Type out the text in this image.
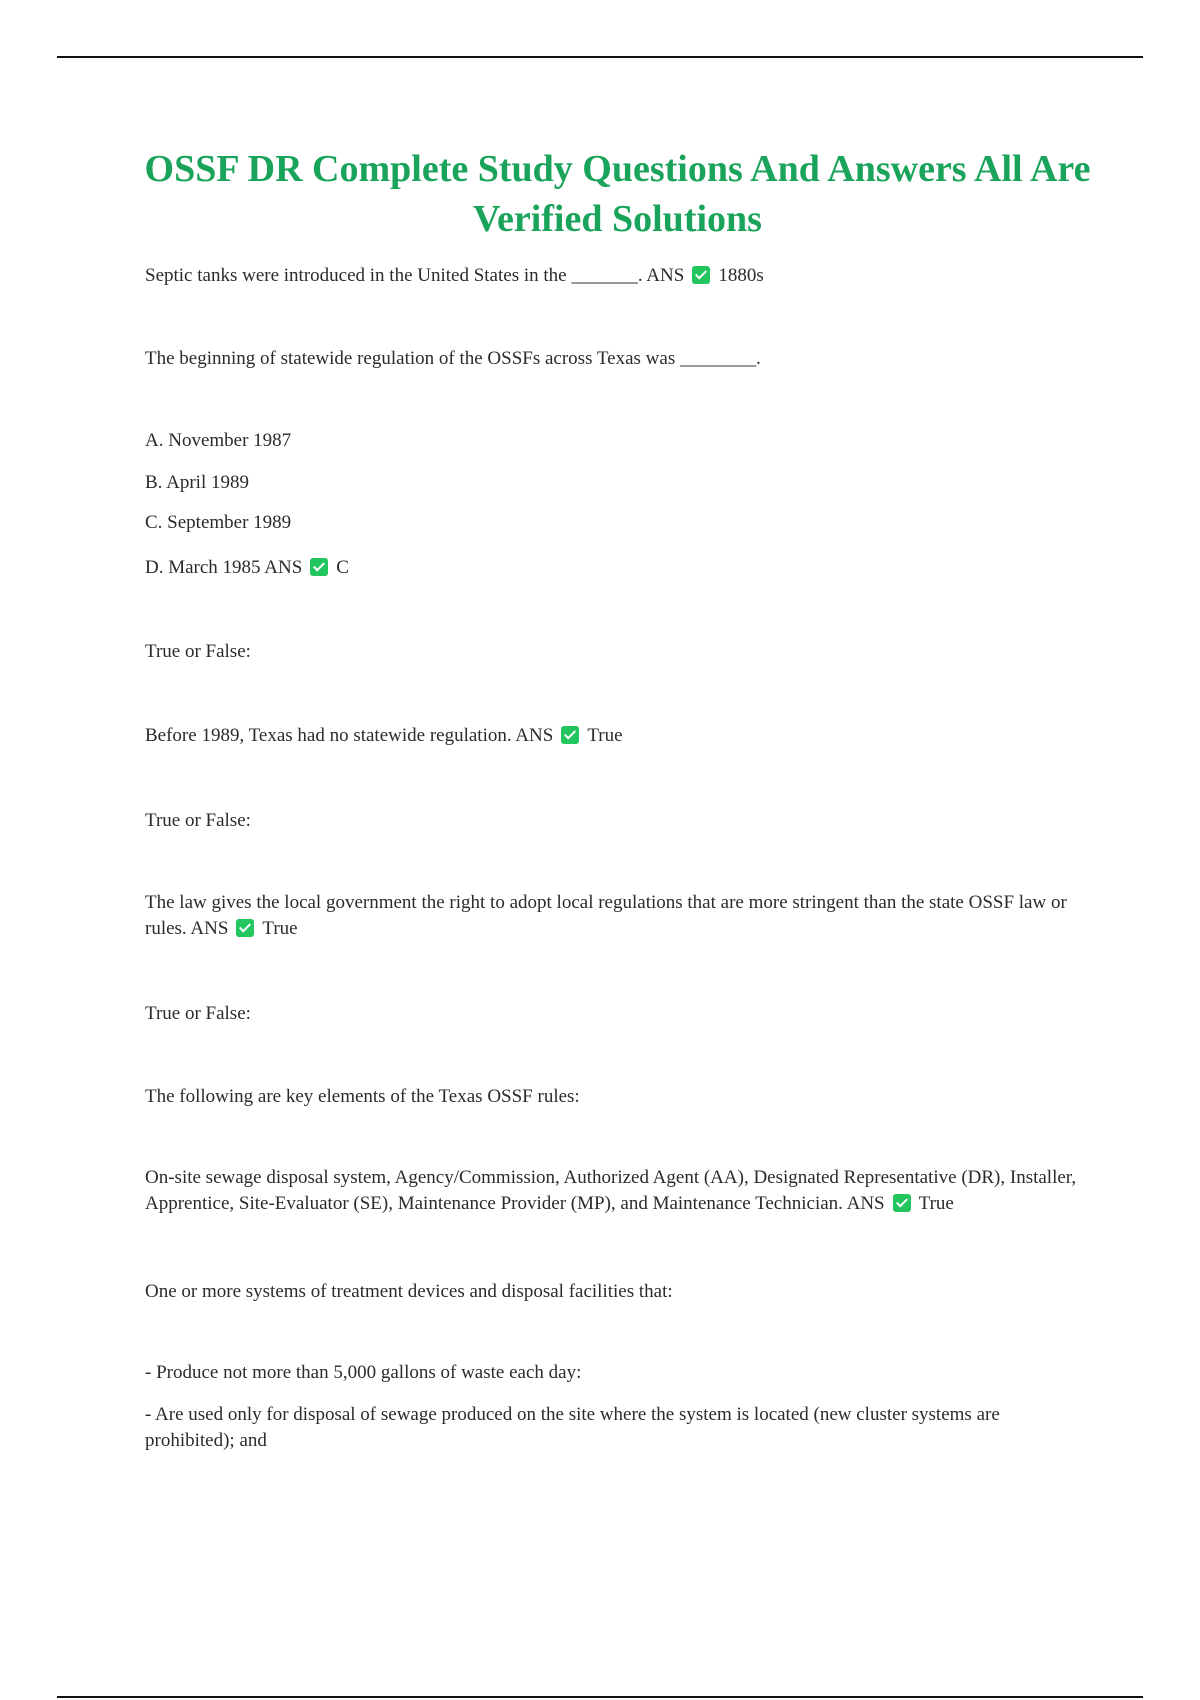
OSSF DR Complete Study Questions And Answers All Are Verified Solutions

Septic tanks were introduced in the United States in the _______. ANS 1880s

The beginning of statewide regulation of the OSSFs across Texas was ________.

A. November 1987

B. April 1989

C. September 1989

D. March 1985 ANS C

True or False:

Before 1989, Texas had no statewide regulation. ANS True

True or False:

The law gives the local government the right to adopt local regulations that are more stringent than the state OSSF law or rules. ANS True

True or False:

The following are key elements of the Texas OSSF rules:

On-site sewage disposal system, Agency/Commission, Authorized Agent (AA), Designated Representative (DR), Installer, Apprentice, Site-Evaluator (SE), Maintenance Provider (MP), and Maintenance Technician. ANS True

One or more systems of treatment devices and disposal facilities that:

- Produce not more than 5,000 gallons of waste each day:

- Are used only for disposal of sewage produced on the site where the system is located (new cluster systems are prohibited); and
